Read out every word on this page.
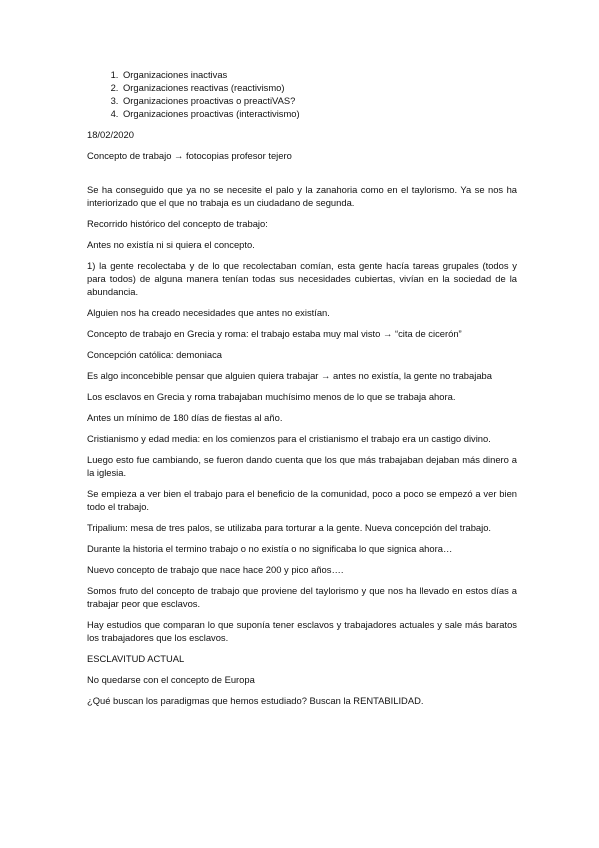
1. Organizaciones inactivas
2. Organizaciones reactivas (reactivismo)
3. Organizaciones proactivas o preactiVAS?
4. Organizaciones proactivas (interactivismo)

18/02/2020

Concepto de trabajo → fotocopias profesor tejero

Se ha conseguido que ya no se necesite el palo y la zanahoria como en el taylorismo. Ya se nos ha interiorizado que el que no trabaja es un ciudadano de segunda.

Recorrido histórico del concepto de trabajo:

Antes no existía ni si quiera el concepto.

1) la gente recolectaba y de lo que recolectaban comían, esta gente hacía tareas grupales (todos y para todos) de alguna manera tenían todas sus necesidades cubiertas, vivían en la sociedad de la abundancia.

Alguien nos ha creado necesidades que antes no existían.

Concepto de trabajo en Grecia y roma: el trabajo estaba muy mal visto → “cita de cicerón”

Concepción católica: demoniaca

Es algo inconcebible pensar que alguien quiera trabajar → antes no existía, la gente no trabajaba

Los esclavos en Grecia y roma trabajaban muchísimo menos de lo que se trabaja ahora.

Antes un mínimo de 180 días de fiestas al año.

Cristianismo y edad media: en los comienzos para el cristianismo el trabajo era un castigo divino.

Luego esto fue cambiando, se fueron dando cuenta que los que más trabajaban dejaban más dinero a la iglesia.

Se empieza a ver bien el trabajo para el beneficio de la comunidad, poco a poco se empezó a ver bien todo el trabajo.

Tripalium: mesa de tres palos, se utilizaba para torturar a la gente. Nueva concepción del trabajo.

Durante la historia el termino trabajo o no existía o no significaba lo que signica ahora…

Nuevo concepto de trabajo que nace hace 200 y pico años….

Somos fruto del concepto de trabajo que proviene del taylorismo y que nos ha llevado en estos días a trabajar peor que esclavos.

Hay estudios que comparan lo que suponía tener esclavos y trabajadores actuales y sale más baratos los trabajadores que los esclavos.

ESCLAVITUD ACTUAL

No quedarse con el concepto de Europa

¿Qué buscan los paradigmas que hemos estudiado? Buscan la RENTABILIDAD.
